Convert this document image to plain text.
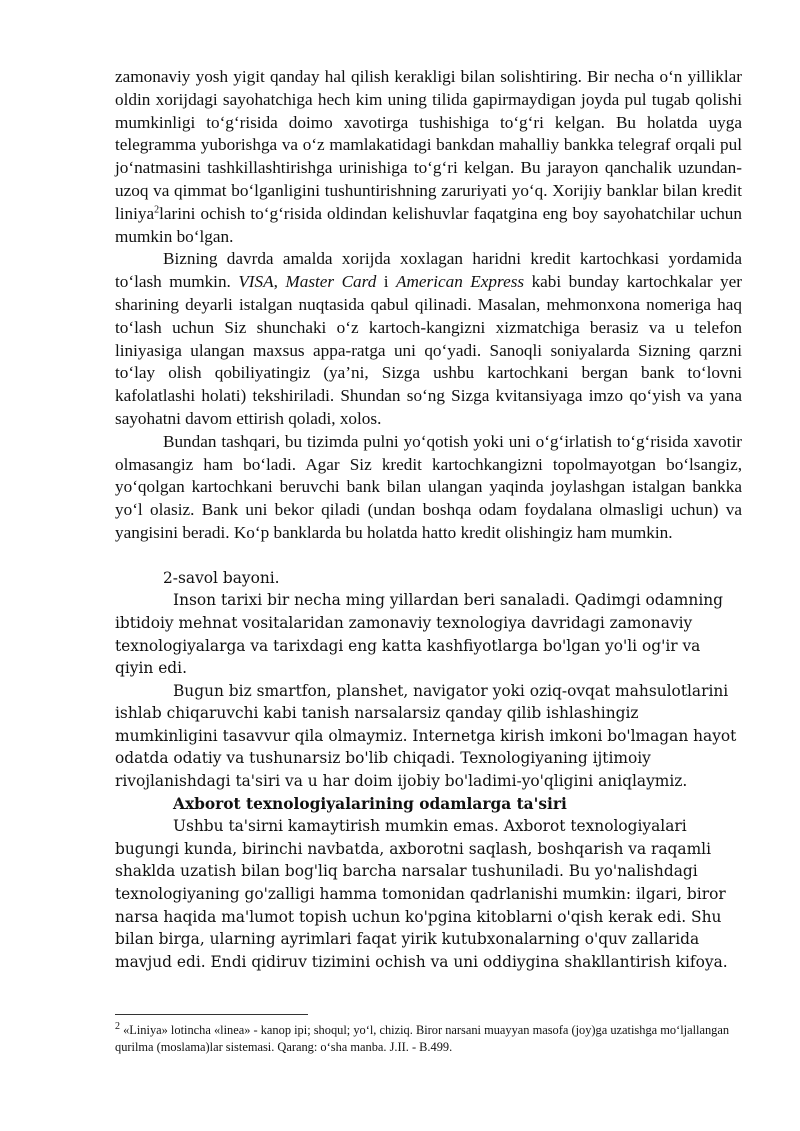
zamonaviy yosh yigit qanday hal qilish kerakligi bilan solishtiring. Bir necha o‘n yilliklar oldin xorijdagi sayohatchiga hech kim uning tilida gapirmaydigan joyda pul tugab qolishi mumkinligi to‘g‘risida doimo xavotirga tushishiga to‘g‘ri kelgan. Bu holatda uyga telegramma yuborishga va o‘z mamlakatidagi bankdan mahalliy bankka telegraf orqali pul jo‘natmasini tashkillashtirishga urinishiga to‘g‘ri kelgan. Bu jarayon qanchalik uzundan-uzoq va qimmat bo‘lganligini tushuntirishning zaruriyati yo‘q. Xorijiy banklar bilan kredit liniya$^2$larini ochish to‘g‘risida oldindan kelishuvlar faqatgina eng boy sayohatchilar uchun mumkin bo‘lgan.

Bizning davrda amalda xorijda xoxlagan haridni kredit kartochkasi yordamida to‘lash mumkin. VISA, Master Card i American Express kabi bunday kartochkalar yer sharining deyarli istalgan nuqtasida qabul qilinadi. Masalan, mehmonxona nomeriga haq to‘lash uchun Siz shunchaki o‘z kartoch-kangizni xizmatchiga berasiz va u telefon liniyasiga ulangan maxsus appa-ratga uni qo‘yadi. Sanoqli soniyalarda Sizning qarzni to‘lay olish qobiliyatingiz (ya’ni, Sizga ushbu kartochkani bergan bank to‘lovni kafolatlashi holati) tekshiriladi. Shundan so‘ng Sizga kvitansiyaga imzo qo‘yish va yana sayohatni davom ettirish qoladi, xolos.

Bundan tashqari, bu tizimda pulni yo‘qotish yoki uni o‘g‘irlatish to‘g‘risida xavotir olmasangiz ham bo‘ladi. Agar Siz kredit kartochkangizni topolmayotgan bo‘lsangiz, yo‘qolgan kartochkani beruvchi bank bilan ulangan yaqinda joylashgan istalgan bankka yo‘l olasiz. Bank uni bekor qiladi (undan boshqa odam foydalana olmasligi uchun) va yangisini beradi. Ko‘p banklarda bu holatda hatto kredit olishingiz ham mumkin.

2-savol bayoni.

Inson tarixi bir necha ming yillardan beri sanaladi. Qadimgi odamning ibtidoiy mehnat vositalaridan zamonaviy texnologiya davridagi zamonaviy texnologiyalarga va tarixdagi eng katta kashfiyotlarga bo'lgan yo'li og'ir va qiyin edi.

Bugun biz smartfon, planshet, navigator yoki oziq-ovqat mahsulotlarini ishlab chiqaruvchi kabi tanish narsalarsiz qanday qilib ishlashingiz mumkinligini tasavvur qila olmaymiz. Internetga kirish imkoni bo'lmagan hayot odatda odatiy va tushunarsiz bo'lib chiqadi. Texnologiyaning ijtimoiy rivojlanishdagi ta'siri va u har doim ijobiy bo'ladimi-yo'qligini aniqlaymiz.

Axborot texnologiyalarining odamlarga ta'siri

Ushbu ta'sirni kamaytirish mumkin emas. Axborot texnologiyalari bugungi kunda, birinchi navbatda, axborotni saqlash, boshqarish va raqamli shaklda uzatish bilan bog'liq barcha narsalar tushuniladi. Bu yo'nalishdagi texnologiyaning go'zalligi hamma tomonidan qadrlanishi mumkin: ilgari, biror narsa haqida ma'lumot topish uchun ko'pgina kitoblarni o'qish kerak edi. Shu bilan birga, ularning ayrimlari faqat yirik kutubxonalarning o'quv zallarida mavjud edi. Endi qidiruv tizimini ochish va uni oddiygina shakllantirish kifoya.

$^2$ «Liniya» lotincha «linea» - kanop ipi; shoqul; yo‘l, chiziq. Biror narsani muayyan masofa (joy)ga uzatishga mo‘ljallangan qurilma (moslama)lar sistemasi. Qarang: o‘sha manba. J.II. - B.499.
